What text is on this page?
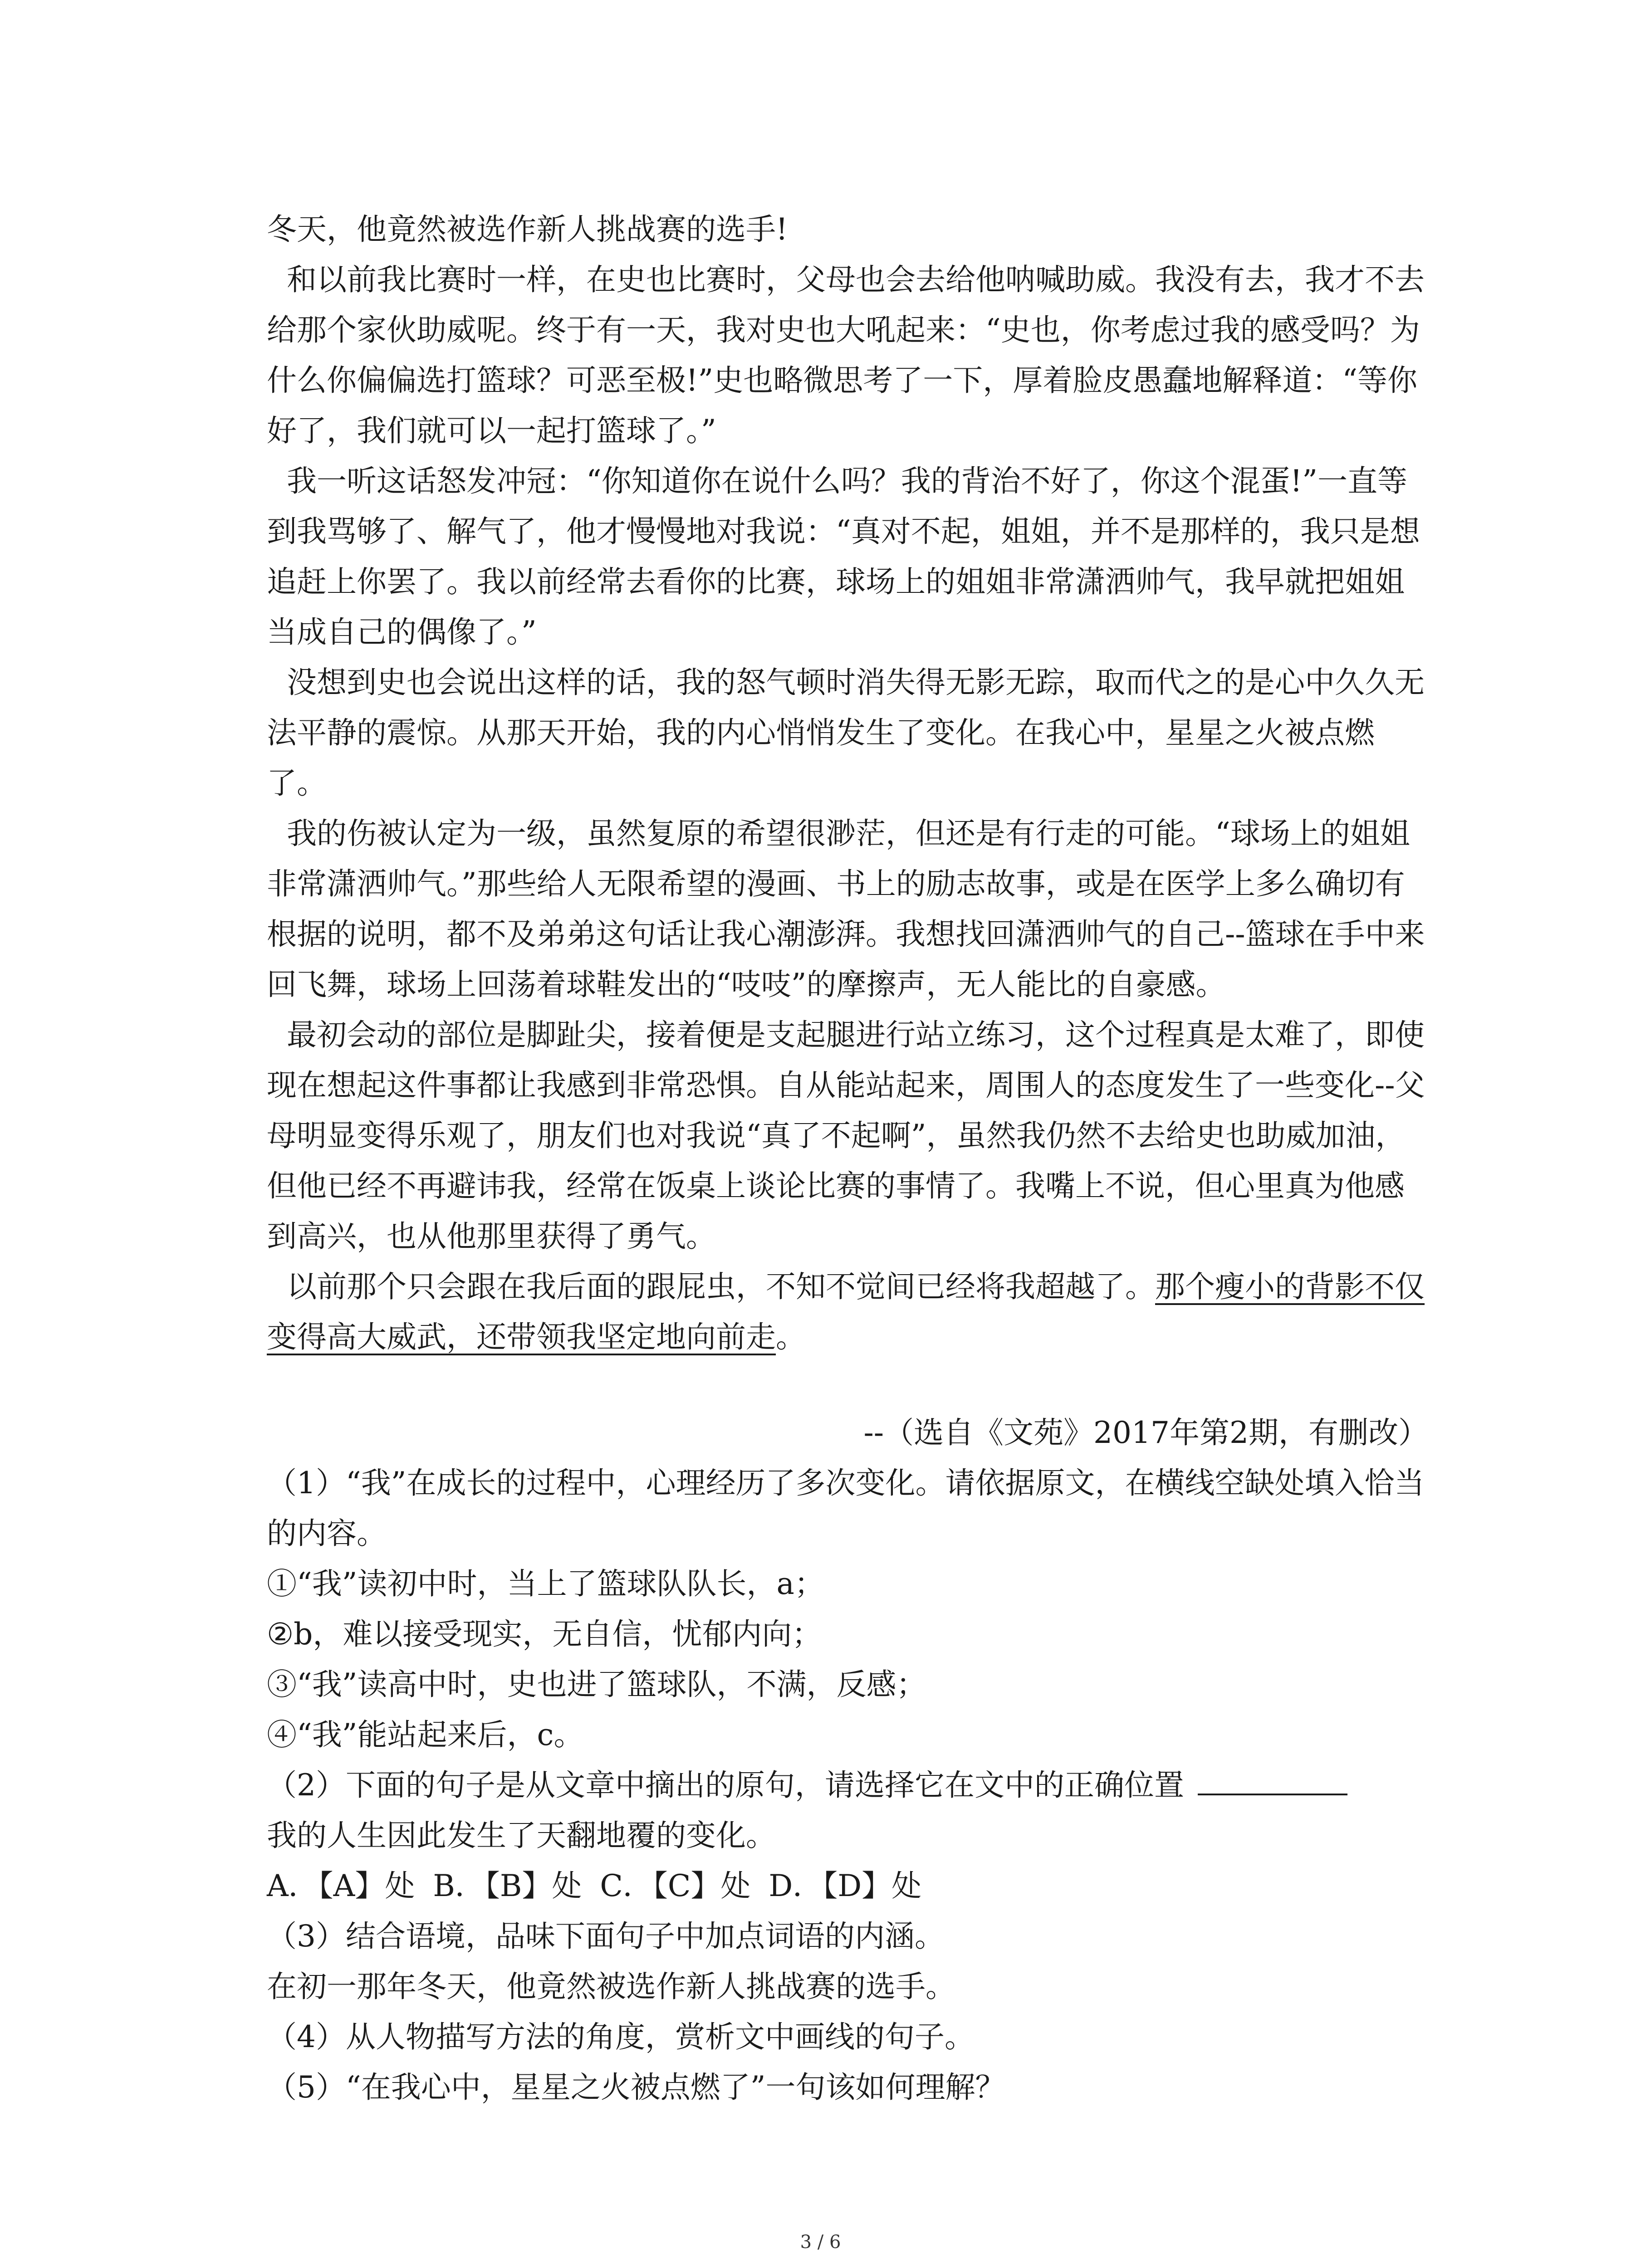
冬天，他竟然被选作新人挑战赛的选手!

和以前我比赛时一样，在史也比赛时，父母也会去给他呐喊助威。我没有去，我才不去给那个家伙助威呢。终于有一天，我对史也大吼起来：“史也，你考虑过我的感受吗？为什么你偏偏选打篮球？可恶至极!”史也略微思考了一下，厚着脸皮愚蠢地解释道：“等你好了，我们就可以一起打篮球了。”

我一听这话怒发冲冠：“你知道你在说什么吗？我的背治不好了，你这个混蛋!”一直等到我骂够了、解气了，他才慢慢地对我说：“真对不起，姐姐，并不是那样的，我只是想追赶上你罢了。我以前经常去看你的比赛，球场上的姐姐非常潇洒帅气，我早就把姐姐当成自己的偶像了。”

没想到史也会说出这样的话，我的怒气顿时消失得无影无踪，取而代之的是心中久久无法平静的震惊。从那天开始，我的内心悄悄发生了变化。在我心中，星星之火被点燃了。

我的伤被认定为一级，虽然复原的希望很渺茫，但还是有行走的可能。“球场上的姐姐非常潇洒帅气。”那些给人无限希望的漫画、书上的励志故事，或是在医学上多么确切有根据的说明，都不及弟弟这句话让我心潮澎湃。我想找回潇洒帅气的自己--篮球在手中来回飞舞，球场上回荡着球鞋发出的“吱吱”的摩擦声，无人能比的自豪感。

最初会动的部位是脚趾尖，接着便是支起腿进行站立练习，这个过程真是太难了，即使现在想起这件事都让我感到非常恐惧。自从能站起来，周围人的态度发生了一些变化--父母明显变得乐观了，朋友们也对我说“真了不起啊”，虽然我仍然不去给史也助威加油，但他已经不再避讳我，经常在饭桌上谈论比赛的事情了。我嘴上不说，但心里真为他感到高兴，也从他那里获得了勇气。

以前那个只会跟在我后面的跟屁虫，不知不觉间已经将我超越了。那个瘦小的背影不仅变得高大威武，还带领我坚定地向前走。

--（选自《文苑》2017年第2期，有删改）

（1）“我”在成长的过程中，心理经历了多次变化。请依据原文，在横线空缺处填入恰当的内容。

①“我”读初中时，当上了篮球队队长，a；

②b，难以接受现实，无自信，忧郁内向；

③“我”读高中时，史也进了篮球队，不满，反感；

④“我”能站起来后，c。

（2）下面的句子是从文章中摘出的原句，请选择它在文中的正确位置

我的人生因此发生了天翻地覆的变化。

A．【A】处 B．【B】处 C．【C】处 D．【D】处

（3）结合语境，品味下面句子中加点词语的内涵。

在初一那年冬天，他竟然被选作新人挑战赛的选手。

（4）从人物描写方法的角度，赏析文中画线的句子。

（5）“在我心中，星星之火被点燃了”一句该如何理解？

3 / 6
